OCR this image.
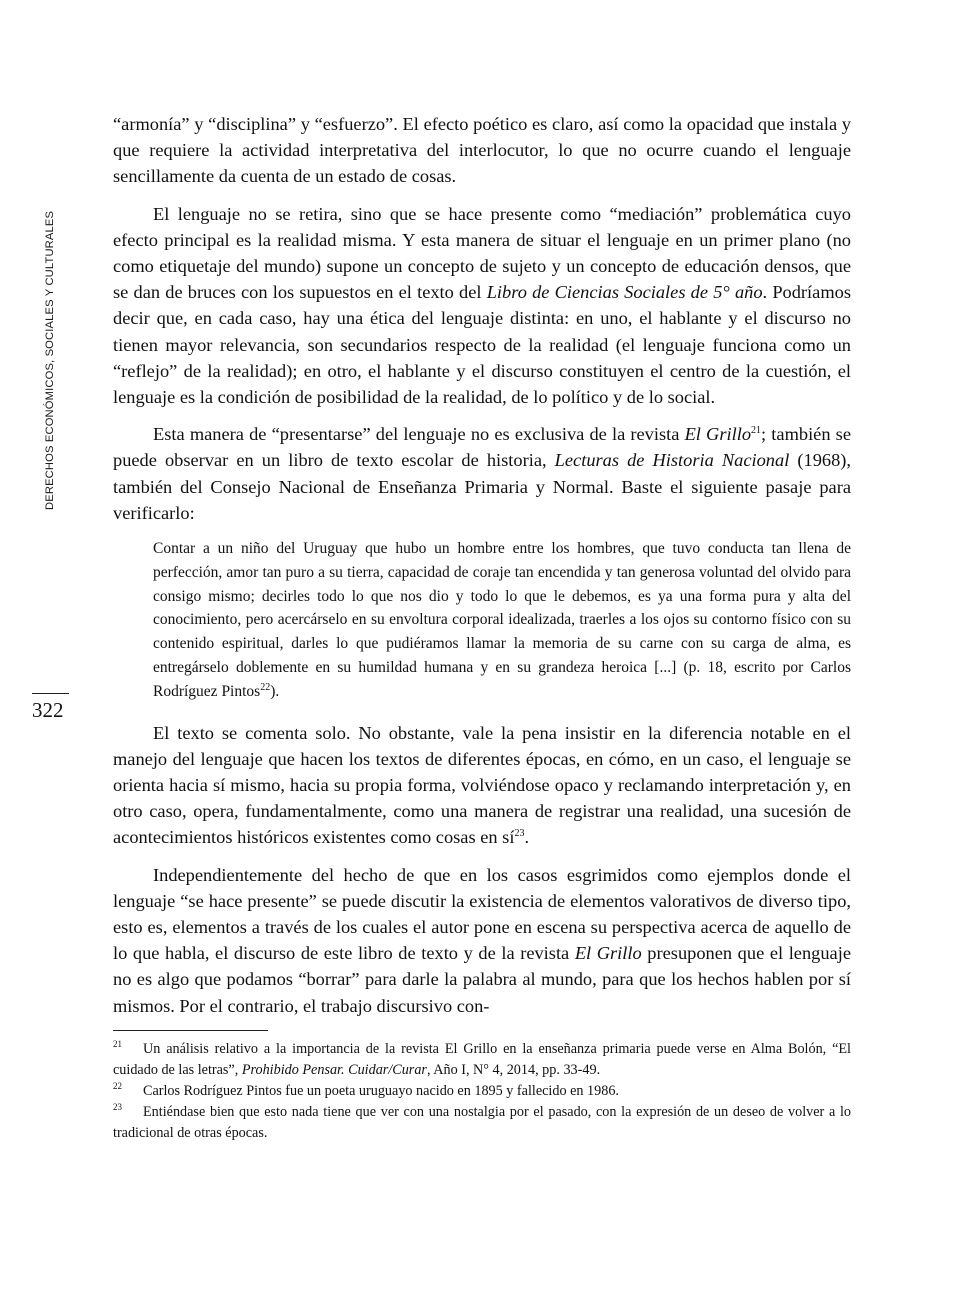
DERECHOS ECONÓMICOS, SOCIALES Y CULTURALES
322

“armonía” y “disciplina” y “esfuerzo”. El efecto poético es claro, así como la opacidad que instala y que requiere la actividad interpretativa del interlocutor, lo que no ocurre cuando el lenguaje sencillamente da cuenta de un estado de cosas.

El lenguaje no se retira, sino que se hace presente como “mediación” problemática cuyo efecto principal es la realidad misma. Y esta manera de situar el lenguaje en un primer plano (no como etiquetaje del mundo) supone un concepto de sujeto y un concepto de educación densos, que se dan de bruces con los supuestos en el texto del Libro de Ciencias Sociales de 5° año. Podríamos decir que, en cada caso, hay una ética del lenguaje distinta: en uno, el hablante y el discurso no tienen mayor relevancia, son secundarios respecto de la realidad (el lenguaje funciona como un “reflejo” de la realidad); en otro, el hablante y el discurso constituyen el centro de la cuestión, el lenguaje es la condición de posibilidad de la realidad, de lo político y de lo social.

Esta manera de “presentarse” del lenguaje no es exclusiva de la revista El Grillo$^{21}$; también se puede observar en un libro de texto escolar de historia, Lecturas de Historia Nacional (1968), también del Consejo Nacional de Enseñanza Primaria y Normal. Baste el siguiente pasaje para verificarlo:

Contar a un niño del Uruguay que hubo un hombre entre los hombres, que tuvo conducta tan llena de perfección, amor tan puro a su tierra, capacidad de coraje tan encendida y tan generosa voluntad del olvido para consigo mismo; decirles todo lo que nos dio y todo lo que le debemos, es ya una forma pura y alta del conocimiento, pero acercárselo en su envoltura corporal idealizada, traerles a los ojos su contorno físico con su contenido espiritual, darles lo que pudiéramos llamar la memoria de su carne con su carga de alma, es entregárselo doblemente en su humildad humana y en su grandeza heroica [...] (p. 18, escrito por Carlos Rodríguez Pintos$^{22}$).

El texto se comenta solo. No obstante, vale la pena insistir en la diferencia notable en el manejo del lenguaje que hacen los textos de diferentes épocas, en cómo, en un caso, el lenguaje se orienta hacia sí mismo, hacia su propia forma, volviéndose opaco y reclamando interpretación y, en otro caso, opera, fundamentalmente, como una manera de registrar una realidad, una sucesión de acontecimientos históricos existentes como cosas en $sí^{23}$.

Independientemente del hecho de que en los casos esgrimidos como ejemplos donde el lenguaje “se hace presente” se puede discutir la existencia de elementos valorativos de diverso tipo, esto es, elementos a través de los cuales el autor pone en escena su perspectiva acerca de aquello de lo que habla, el discurso de este libro de texto y de la revista El Grillo presuponen que el lenguaje no es algo que podamos “borrar” para darle la palabra al mundo, para que los hechos hablen por sí mismos. Por el contrario, el trabajo discursivo con-

21 Un análisis relativo a la importancia de la revista El Grillo en la enseñanza primaria puede verse en Alma Bolón, “El cuidado de las letras”, Prohibido Pensar. Cuidar/Curar, Año I, N° 4, 2014, pp. 33-49.

22 Carlos Rodríguez Pintos fue un poeta uruguayo nacido en 1895 y fallecido en 1986.

23 Entiéndase bien que esto nada tiene que ver con una nostalgia por el pasado, con la expresión de un deseo de volver a lo tradicional de otras épocas.
